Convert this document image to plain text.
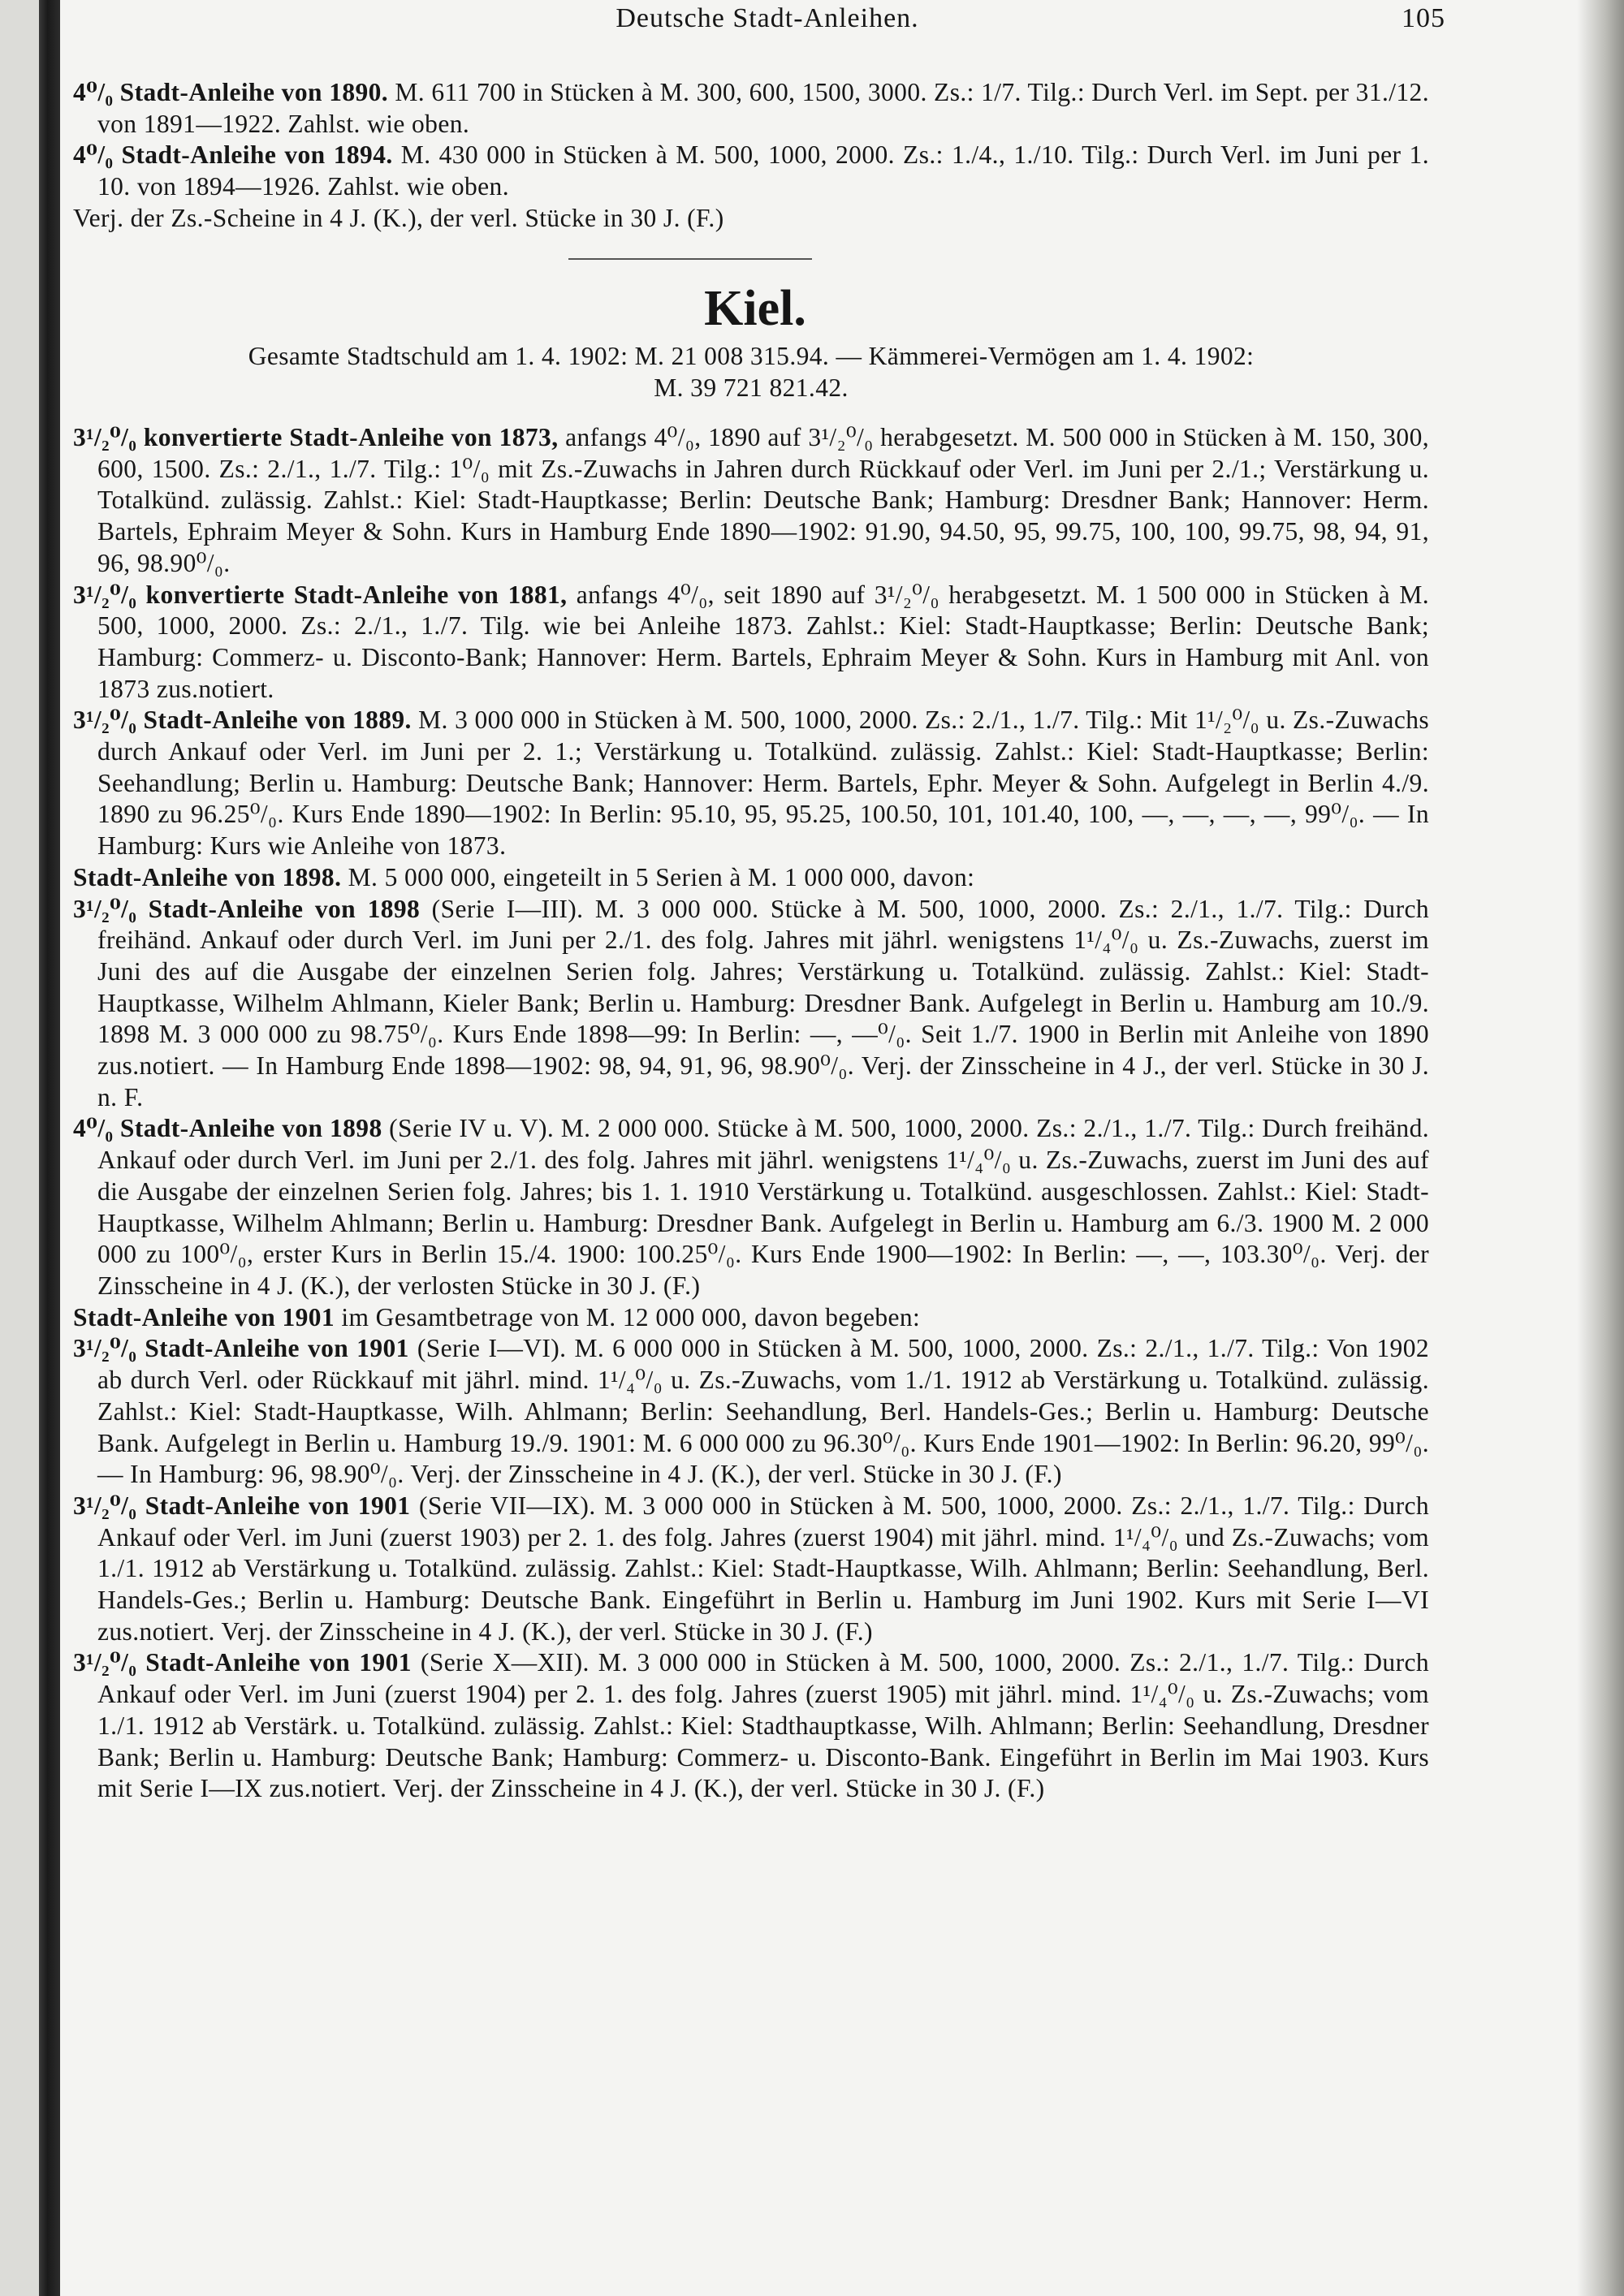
Deutsche Stadt-Anleihen.	105

4⁰/₀ Stadt-Anleihe von 1890. M. 611 700 in Stücken à M. 300, 600, 1500, 3000. Zs.: 1/7. Tilg.: Durch Verl. im Sept. per 31./12. von 1891—1922. Zahlst. wie oben.

4⁰/₀ Stadt-Anleihe von 1894. M. 430 000 in Stücken à M. 500, 1000, 2000. Zs.: 1./4., 1./10. Tilg.: Durch Verl. im Juni per 1. 10. von 1894—1926. Zahlst. wie oben.

Verj. der Zs.-Scheine in 4 J. (K.), der verl. Stücke in 30 J. (F.)

Kiel.
Gesamte Stadtschuld am 1. 4. 1902: M. 21 008 315.94. — Kämmerei-Vermögen am 1. 4. 1902:
M. 39 721 821.42.

3¹/₂⁰/₀ konvertierte Stadt-Anleihe von 1873, anfangs 4⁰/₀, 1890 auf 3¹/₂⁰/₀ herabgesetzt. M. 500 000 in Stücken à M. 150, 300, 600, 1500. Zs.: 2./1., 1./7. Tilg.: 1⁰/₀ mit Zs.-Zuwachs in Jahren durch Rückkauf oder Verl. im Juni per 2./1.; Verstärkung u. Totalkünd. zulässig. Zahlst.: Kiel: Stadt-Hauptkasse; Berlin: Deutsche Bank; Hamburg: Dresdner Bank; Hannover: Herm. Bartels, Ephraim Meyer & Sohn. Kurs in Hamburg Ende 1890—1902: 91.90, 94.50, 95, 99.75, 100, 100, 99.75, 98, 94, 91, 96, 98.90⁰/₀.

3¹/₂⁰/₀ konvertierte Stadt-Anleihe von 1881, anfangs 4⁰/₀, seit 1890 auf 3¹/₂⁰/₀ herabgesetzt. M. 1 500 000 in Stücken à M. 500, 1000, 2000. Zs.: 2./1., 1./7. Tilg. wie bei Anleihe 1873. Zahlst.: Kiel: Stadt-Hauptkasse; Berlin: Deutsche Bank; Hamburg: Commerz- u. Disconto-Bank; Hannover: Herm. Bartels, Ephraim Meyer & Sohn. Kurs in Hamburg mit Anl. von 1873 zus.notiert.

3¹/₂⁰/₀ Stadt-Anleihe von 1889. M. 3 000 000 in Stücken à M. 500, 1000, 2000. Zs.: 2./1., 1./7. Tilg.: Mit 1¹/₂⁰/₀ u. Zs.-Zuwachs durch Ankauf oder Verl. im Juni per 2. 1.; Verstärkung u. Totalkünd. zulässig. Zahlst.: Kiel: Stadt-Hauptkasse; Berlin: Seehandlung; Berlin u. Hamburg: Deutsche Bank; Hannover: Herm. Bartels, Ephr. Meyer & Sohn. Aufgelegt in Berlin 4./9. 1890 zu 96.25⁰/₀. Kurs Ende 1890—1902: In Berlin: 95.10, 95, 95.25, 100.50, 101, 101.40, 100, —, —, —, —, 99⁰/₀. — In Hamburg: Kurs wie Anleihe von 1873.

Stadt-Anleihe von 1898. M. 5 000 000, eingeteilt in 5 Serien à M. 1 000 000, davon:

3¹/₂⁰/₀ Stadt-Anleihe von 1898 (Serie I—III). M. 3 000 000. Stücke à M. 500, 1000, 2000. Zs.: 2./1., 1./7. Tilg.: Durch freihänd. Ankauf oder durch Verl. im Juni per 2./1. des folg. Jahres mit jährl. wenigstens 1¹/₄⁰/₀ u. Zs.-Zuwachs, zuerst im Juni des auf die Ausgabe der einzelnen Serien folg. Jahres; Verstärkung u. Totalkünd. zulässig. Zahlst.: Kiel: Stadt-Hauptkasse, Wilhelm Ahlmann, Kieler Bank; Berlin u. Hamburg: Dresdner Bank. Aufgelegt in Berlin u. Hamburg am 10./9. 1898 M. 3 000 000 zu 98.75⁰/₀. Kurs Ende 1898—99: In Berlin: —, —⁰/₀. Seit 1./7. 1900 in Berlin mit Anleihe von 1890 zus.notiert. — In Hamburg Ende 1898—1902: 98, 94, 91, 96, 98.90⁰/₀. Verj. der Zinsscheine in 4 J., der verl. Stücke in 30 J. n. F.

4⁰/₀ Stadt-Anleihe von 1898 (Serie IV u. V). M. 2 000 000. Stücke à M. 500, 1000, 2000. Zs.: 2./1., 1./7. Tilg.: Durch freihänd. Ankauf oder durch Verl. im Juni per 2./1. des folg. Jahres mit jährl. wenigstens 1¹/₄⁰/₀ u. Zs.-Zuwachs, zuerst im Juni des auf die Ausgabe der einzelnen Serien folg. Jahres; bis 1. 1. 1910 Verstärkung u. Totalkünd. ausgeschlossen. Zahlst.: Kiel: Stadt-Hauptkasse, Wilhelm Ahlmann; Berlin u. Hamburg: Dresdner Bank. Aufgelegt in Berlin u. Hamburg am 6./3. 1900 M. 2 000 000 zu 100⁰/₀, erster Kurs in Berlin 15./4. 1900: 100.25⁰/₀. Kurs Ende 1900—1902: In Berlin: —, —, 103.30⁰/₀. Verj. der Zinsscheine in 4 J. (K.), der verlosten Stücke in 30 J. (F.)

Stadt-Anleihe von 1901 im Gesamtbetrage von M. 12 000 000, davon begeben:

3¹/₂⁰/₀ Stadt-Anleihe von 1901 (Serie I—VI). M. 6 000 000 in Stücken à M. 500, 1000, 2000. Zs.: 2./1., 1./7. Tilg.: Von 1902 ab durch Verl. oder Rückkauf mit jährl. mind. 1¹/₄⁰/₀ u. Zs.-Zuwachs, vom 1./1. 1912 ab Verstärkung u. Totalkünd. zulässig. Zahlst.: Kiel: Stadt-Hauptkasse, Wilh. Ahlmann; Berlin: Seehandlung, Berl. Handels-Ges.; Berlin u. Hamburg: Deutsche Bank. Aufgelegt in Berlin u. Hamburg 19./9. 1901: M. 6 000 000 zu 96.30⁰/₀. Kurs Ende 1901—1902: In Berlin: 96.20, 99⁰/₀. — In Hamburg: 96, 98.90⁰/₀. Verj. der Zinsscheine in 4 J. (K.), der verl. Stücke in 30 J. (F.)

3¹/₂⁰/₀ Stadt-Anleihe von 1901 (Serie VII—IX). M. 3 000 000 in Stücken à M. 500, 1000, 2000. Zs.: 2./1., 1./7. Tilg.: Durch Ankauf oder Verl. im Juni (zuerst 1903) per 2. 1. des folg. Jahres (zuerst 1904) mit jährl. mind. 1¹/₄⁰/₀ und Zs.-Zuwachs; vom 1./1. 1912 ab Verstärkung u. Totalkünd. zulässig. Zahlst.: Kiel: Stadt-Hauptkasse, Wilh. Ahlmann; Berlin: Seehandlung, Berl. Handels-Ges.; Berlin u. Hamburg: Deutsche Bank. Eingeführt in Berlin u. Hamburg im Juni 1902. Kurs mit Serie I—VI zus.notiert. Verj. der Zinsscheine in 4 J. (K.), der verl. Stücke in 30 J. (F.)

3¹/₂⁰/₀ Stadt-Anleihe von 1901 (Serie X—XII). M. 3 000 000 in Stücken à M. 500, 1000, 2000. Zs.: 2./1., 1./7. Tilg.: Durch Ankauf oder Verl. im Juni (zuerst 1904) per 2. 1. des folg. Jahres (zuerst 1905) mit jährl. mind. 1¹/₄⁰/₀ u. Zs.-Zuwachs; vom 1./1. 1912 ab Verstärk. u. Totalkünd. zulässig. Zahlst.: Kiel: Stadthauptkasse, Wilh. Ahlmann; Berlin: Seehandlung, Dresdner Bank; Berlin u. Hamburg: Deutsche Bank; Hamburg: Commerz- u. Disconto-Bank. Eingeführt in Berlin im Mai 1903. Kurs mit Serie I—IX zus.notiert. Verj. der Zinsscheine in 4 J. (K.), der verl. Stücke in 30 J. (F.)
